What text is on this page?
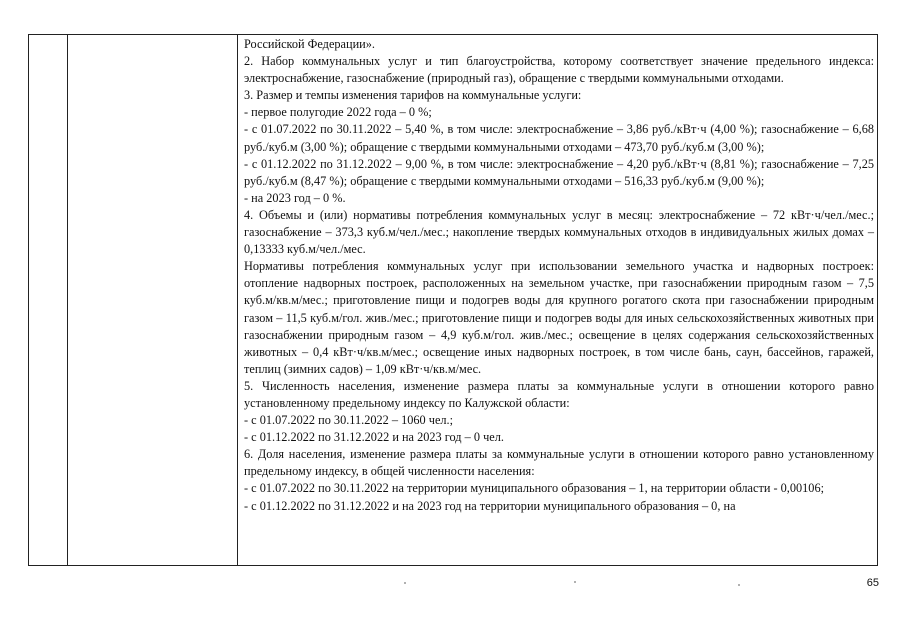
Российской Федерации».

2. Набор коммунальных услуг и тип благоустройства, которому соответствует значение предельного индекса: электроснабжение, газоснабжение (природный газ), обращение с твердыми коммунальными отходами.

3. Размер и темпы изменения тарифов на коммунальные услуги:

- первое полугодие 2022 года – 0 %;

- с 01.07.2022 по 30.11.2022 – 5,40 %, в том числе: электроснабжение – 3,86 руб./кВт·ч (4,00 %); газоснабжение – 6,68 руб./куб.м (3,00 %); обращение с твердыми коммунальными отходами – 473,70 руб./куб.м (3,00 %);

- с 01.12.2022 по 31.12.2022 – 9,00 %, в том числе: электроснабжение – 4,20 руб./кВт·ч (8,81 %); газоснабжение – 7,25 руб./куб.м (8,47 %); обращение с твердыми коммунальными отходами – 516,33 руб./куб.м (9,00 %);

- на 2023 год – 0 %.

4. Объемы и (или) нормативы потребления коммунальных услуг в месяц: электроснабжение – 72 кВт·ч/чел./мес.; газоснабжение – 373,3 куб.м/чел./мес.; накопление твердых коммунальных отходов в индивидуальных жилых домах – 0,13333 куб.м/чел./мес.

Нормативы потребления коммунальных услуг при использовании земельного участка и надворных построек: отопление надворных построек, расположенных на земельном участке, при газоснабжении природным газом – 7,5 куб.м/кв.м/мес.; приготовление пищи и подогрев воды для крупного рогатого скота при газоснабжении природным газом – 11,5 куб.м/гол. жив./мес.; приготовление пищи и подогрев воды для иных сельскохозяйственных животных при газоснабжении природным газом – 4,9 куб.м/гол. жив./мес.; освещение в целях содержания сельскохозяйственных животных – 0,4 кВт·ч/кв.м/мес.; освещение иных надворных построек, в том числе бань, саун, бассейнов, гаражей, теплиц (зимних садов) – 1,09 кВт·ч/кв.м/мес.

5. Численность населения, изменение размера платы за коммунальные услуги в отношении которого равно установленному предельному индексу по Калужской области:

- с 01.07.2022 по 30.11.2022 – 1060 чел.;

- с 01.12.2022 по 31.12.2022 и на 2023 год – 0 чел.

6. Доля населения, изменение размера платы за коммунальные услуги в отношении которого равно установленному предельному индексу, в общей численности населения:

- с 01.07.2022 по 30.11.2022 на территории муниципального образования – 1, на территории области - 0,00106;

- с 01.12.2022 по 31.12.2022 и на 2023 год на территории муниципального образования – 0, на

65
